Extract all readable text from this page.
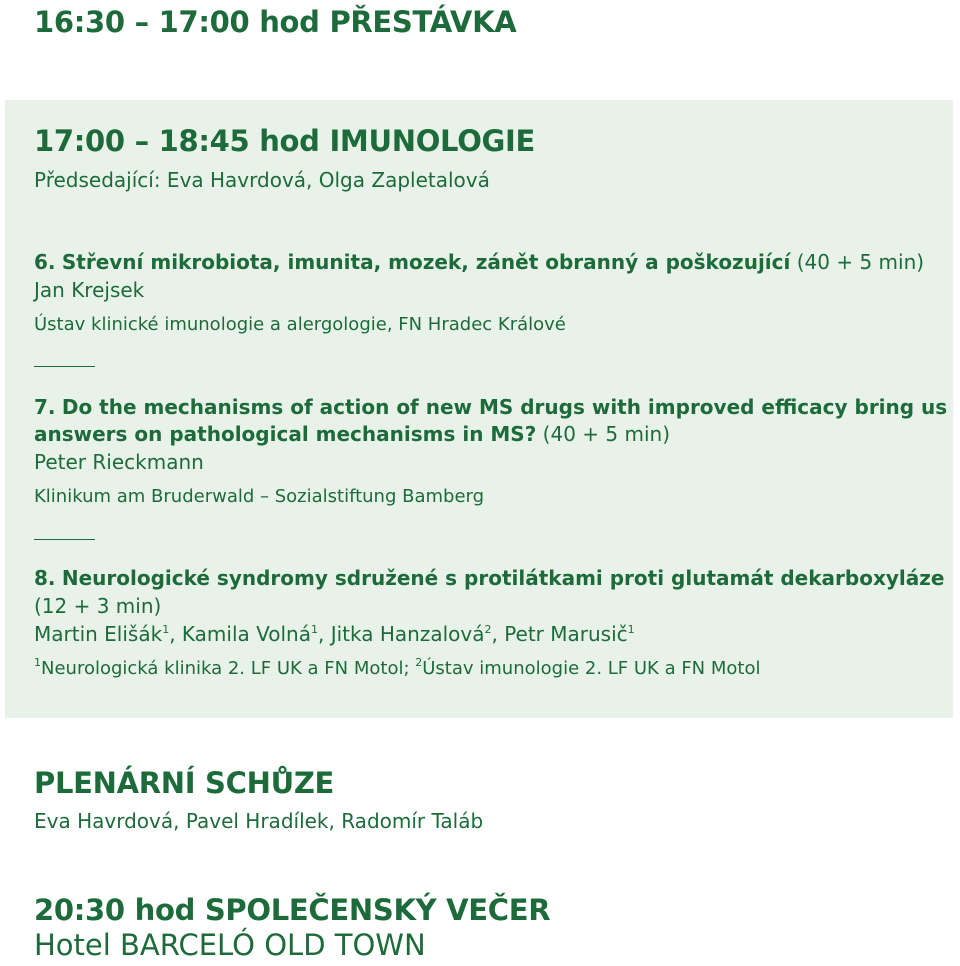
16:30 – 17:00 hod PŘESTÁVKA
17:00 – 18:45 hod IMUNOLOGIE
Předsedající: Eva Havrdová, Olga Zapletalová
6. Střevní mikrobiota, imunita, mozek, zánět obranný a poškozující (40 + 5 min)
Jan Krejsek
Ústav klinické imunologie a alergologie, FN Hradec Králové
7. Do the mechanisms of action of new MS drugs with improved efficacy bring us
answers on pathological mechanisms in MS? (40 + 5 min)
Peter Rieckmann
Klinikum am Bruderwald – Sozialstiftung Bamberg
8. Neurologické syndromy sdružené s protilátkami proti glutamát dekarboxyláze
(12 + 3 min)
Martin Elišák$^1$, Kamila Volná$^1$, Jitka Hanzalová$^2$, Petr Marusič$^1$
$^1$Neurologická klinika 2. LF UK a FN Motol; $^2$Ústav imunologie 2. LF UK a FN Motol
PLENÁRNÍ SCHŮZE
Eva Havrdová, Pavel Hradílek, Radomír Taláb
20:30 hod SPOLEČENSKÝ VEČER
Hotel BARCELÓ OLD TOWN
